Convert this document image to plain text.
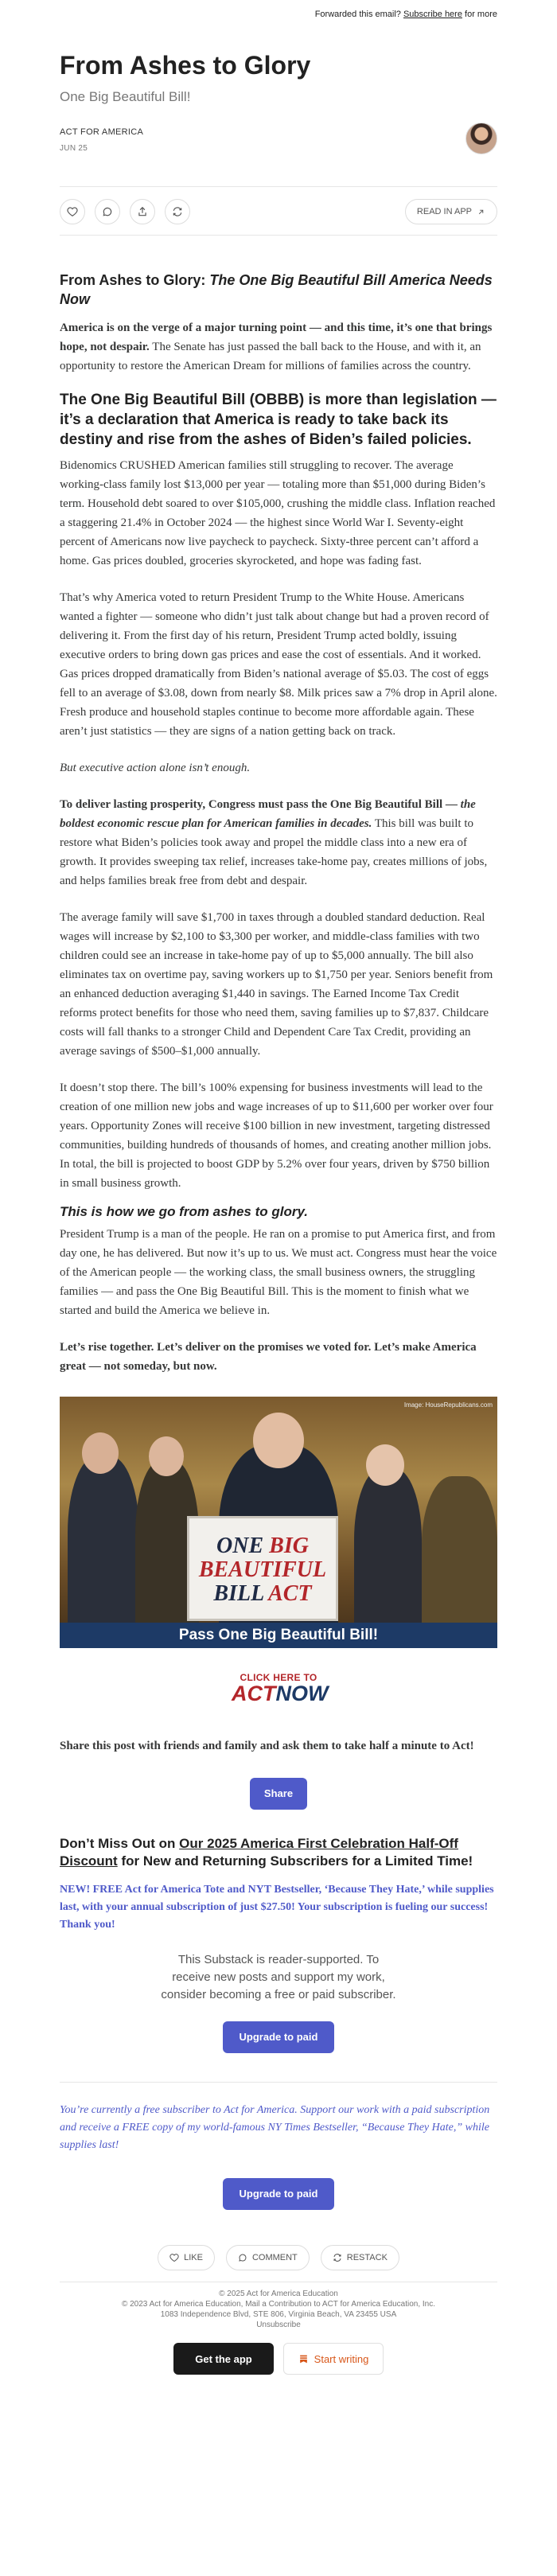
Forwarded this email? Subscribe here for more
From Ashes to Glory
One Big Beautiful Bill!
ACT FOR AMERICA
JUN 25
READ IN APP
From Ashes to Glory: The One Big Beautiful Bill America Needs Now

America is on the verge of a major turning point — and this time, it’s one that brings hope, not despair. The Senate has just passed the ball back to the House, and with it, an opportunity to restore the American Dream for millions of families across the country.

The One Big Beautiful Bill (OBBB) is more than legislation — it’s a declaration that America is ready to take back its destiny and rise from the ashes of Biden’s failed policies.

Bidenomics CRUSHED American families still struggling to recover. The average working-class family lost $13,000 per year — totaling more than $51,000 during Biden’s term. Household debt soared to over $105,000, crushing the middle class. Inflation reached a staggering 21.4% in October 2024 — the highest since World War I. Seventy-eight percent of Americans now live paycheck to paycheck. Sixty-three percent can’t afford a home. Gas prices doubled, groceries skyrocketed, and hope was fading fast.

That’s why America voted to return President Trump to the White House. Americans wanted a fighter — someone who didn’t just talk about change but had a proven record of delivering it. From the first day of his return, President Trump acted boldly, issuing executive orders to bring down gas prices and ease the cost of essentials. And it worked. Gas prices dropped dramatically from Biden’s national average of $5.03. The cost of eggs fell to an average of $3.08, down from nearly $8. Milk prices saw a 7% drop in April alone. Fresh produce and household staples continue to become more affordable again. These aren’t just statistics — they are signs of a nation getting back on track.

But executive action alone isn’t enough.

To deliver lasting prosperity, Congress must pass the One Big Beautiful Bill — the boldest economic rescue plan for American families in decades. This bill was built to restore what Biden’s policies took away and propel the middle class into a new era of growth. It provides sweeping tax relief, increases take-home pay, creates millions of jobs, and helps families break free from debt and despair.

The average family will save $1,700 in taxes through a doubled standard deduction. Real wages will increase by $2,100 to $3,300 per worker, and middle-class families with two children could see an increase in take-home pay of up to $5,000 annually. The bill also eliminates tax on overtime pay, saving workers up to $1,750 per year. Seniors benefit from an enhanced deduction averaging $1,440 in savings. The Earned Income Tax Credit reforms protect benefits for those who need them, saving families up to $7,837. Childcare costs will fall thanks to a stronger Child and Dependent Care Tax Credit, providing an average savings of $500–$1,000 annually.

It doesn’t stop there. The bill’s 100% expensing for business investments will lead to the creation of one million new jobs and wage increases of up to $11,600 per worker over four years. Opportunity Zones will receive $100 billion in new investment, targeting distressed communities, building hundreds of thousands of homes, and creating another million jobs. In total, the bill is projected to boost GDP by 5.2% over four years, driven by $750 billion in small business growth.

This is how we go from ashes to glory.

President Trump is a man of the people. He ran on a promise to put America first, and from day one, he has delivered. But now it’s up to us. We must act. Congress must hear the voice of the American people — the working class, the small business owners, the struggling families — and pass the One Big Beautiful Bill. This is the moment to finish what we started and build the America we believe in.

Let’s rise together. Let’s deliver on the promises we voted for. Let’s make America great — not someday, but now.

Image: HouseRepublicans.com
ONE BIG
BEAUTIFUL
BILL ACT
Pass One Big Beautiful Bill!
CLICK HERE TO
ACTNOW

Share this post with friends and family and ask them to take half a minute to Act!

Share
Don’t Miss Out on Our 2025 America First Celebration Half-Off Discount for New and Returning Subscribers for a Limited Time!

NEW! FREE Act for America Tote and NYT Bestseller, ‘Because They Hate,’ while supplies last, with your annual subscription of just $27.50! Your subscription is fueling our success! Thank you!

This Substack is reader-supported. To receive new posts and support my work, consider becoming a free or paid subscriber.
Upgrade to paid

You’re currently a free subscriber to Act for America. Support our work with a paid subscription and receive a FREE copy of my world-famous NY Times Bestseller, “Because They Hate,” while supplies last!

Upgrade to paid
LIKE	COMMENT	RESTACK
© 2025 Act for America Education
© 2023 Act for America Education, Mail a Contribution to ACT for America Education, Inc.
1083 Independence Blvd, STE 806, Virginia Beach, VA 23455 USA
Unsubscribe
Get the app	Start writing
